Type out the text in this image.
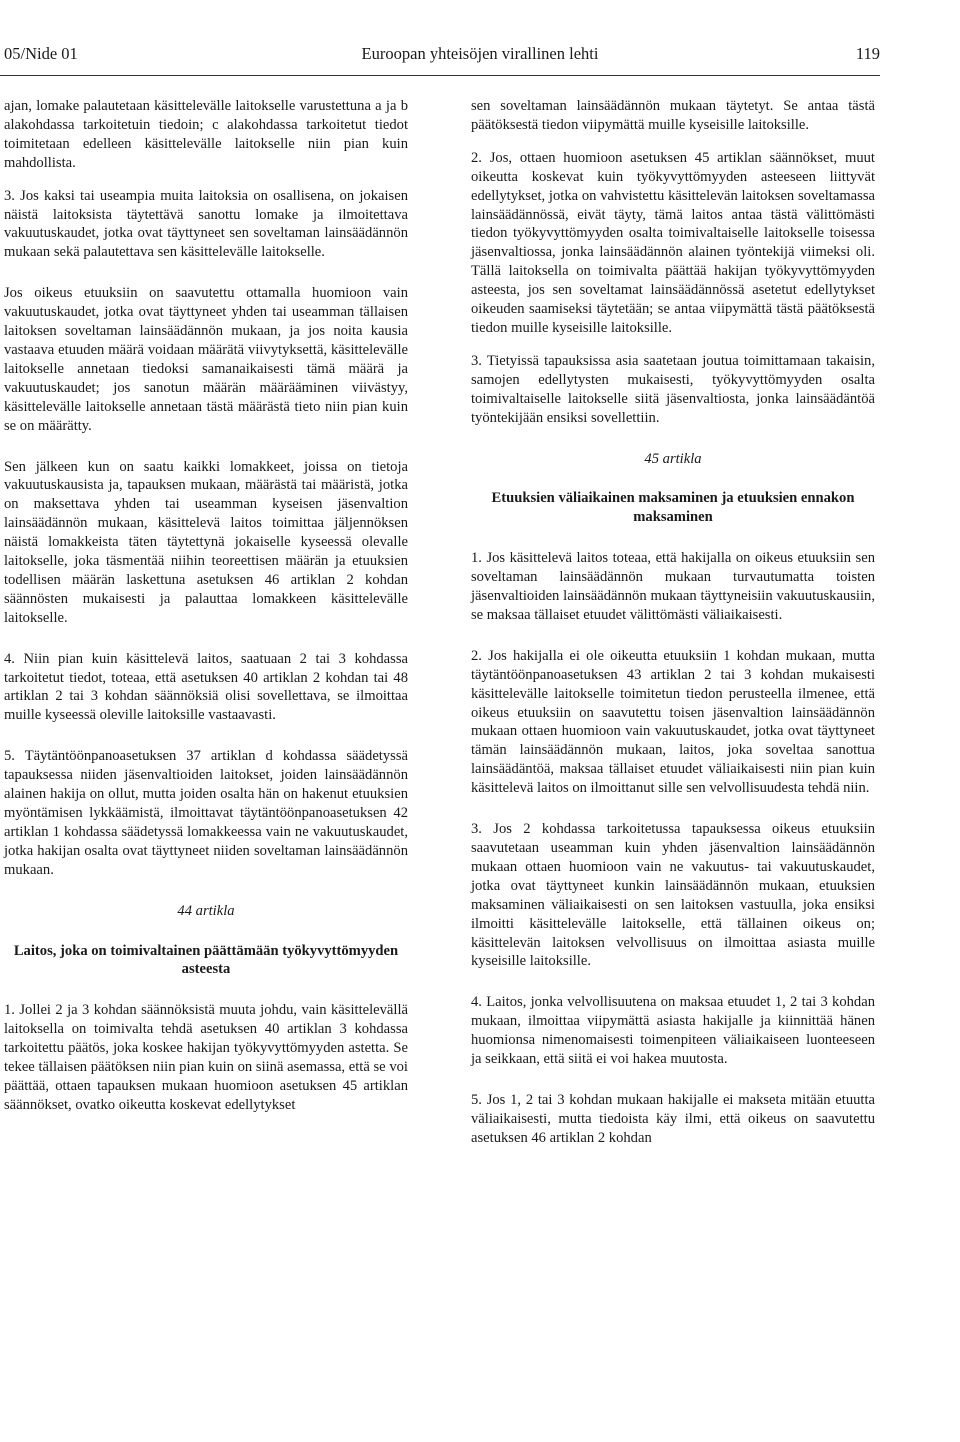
05/Nide 01	Euroopan yhteisöjen virallinen lehti	119

ajan, lomake palautetaan käsittelevälle laitokselle varustettuna a ja b alakohdassa tarkoitetuin tiedoin; c alakohdassa tarkoitetut tiedot toimitetaan edelleen käsittelevälle laitokselle niin pian kuin mahdollista.

3. Jos kaksi tai useampia muita laitoksia on osallisena, on jokaisen näistä laitoksista täytettävä sanottu lomake ja ilmoitettava vakuutuskaudet, jotka ovat täyttyneet sen soveltaman lainsäädännön mukaan sekä palautettava sen käsittelevälle laitokselle.

Jos oikeus etuuksiin on saavutettu ottamalla huomioon vain vakuutuskaudet, jotka ovat täyttyneet yhden tai useamman tällaisen laitoksen soveltaman lainsäädännön mukaan, ja jos noita kausia vastaava etuuden määrä voidaan määrätä viivytyksettä, käsittelevälle laitokselle annetaan tiedoksi samanaikaisesti tämä määrä ja vakuutuskaudet; jos sanotun määrän määrääminen viivästyy, käsittelevälle laitokselle annetaan tästä määrästä tieto niin pian kuin se on määrätty.

Sen jälkeen kun on saatu kaikki lomakkeet, joissa on tietoja vakuutuskausista ja, tapauksen mukaan, määrästä tai määristä, jotka on maksettava yhden tai useamman kyseisen jäsenvaltion lainsäädännön mukaan, käsittelevä laitos toimittaa jäljennöksen näistä lomakkeista täten täytettynä jokaiselle kyseessä olevalle laitokselle, joka täsmentää niihin teoreettisen määrän ja etuuksien todellisen määrän laskettuna asetuksen 46 artiklan 2 kohdan säännösten mukaisesti ja palauttaa lomakkeen käsittelevälle laitokselle.

4. Niin pian kuin käsittelevä laitos, saatuaan 2 tai 3 kohdassa tarkoitetut tiedot, toteaa, että asetuksen 40 artiklan 2 kohdan tai 48 artiklan 2 tai 3 kohdan säännöksiä olisi sovellettava, se ilmoittaa muille kyseessä oleville laitoksille vastaavasti.

5. Täytäntöönpanoasetuksen 37 artiklan d kohdassa säädetyssä tapauksessa niiden jäsenvaltioiden laitokset, joiden lainsäädännön alainen hakija on ollut, mutta joiden osalta hän on hakenut etuuksien myöntämisen lykkäämistä, ilmoittavat täytäntöönpanoasetuksen 42 artiklan 1 kohdassa säädetyssä lomakkeessa vain ne vakuutuskaudet, jotka hakijan osalta ovat täyttyneet niiden soveltaman lainsäädännön mukaan.

44 artikla

Laitos, joka on toimivaltainen päättämään työkyvyttömyyden asteesta

1. Jollei 2 ja 3 kohdan säännöksistä muuta johdu, vain käsittelevällä laitoksella on toimivalta tehdä asetuksen 40 artiklan 3 kohdassa tarkoitettu päätös, joka koskee hakijan työkyvyttömyyden astetta. Se tekee tällaisen päätöksen niin pian kuin on siinä asemassa, että se voi päättää, ottaen tapauksen mukaan huomioon asetuksen 45 artiklan säännökset, ovatko oikeutta koskevat edellytykset

sen soveltaman lainsäädännön mukaan täytetyt. Se antaa tästä päätöksestä tiedon viipymättä muille kyseisille laitoksille.

2. Jos, ottaen huomioon asetuksen 45 artiklan säännökset, muut oikeutta koskevat kuin työkyvyttömyyden asteeseen liittyvät edellytykset, jotka on vahvistettu käsittelevän laitoksen soveltamassa lainsäädännössä, eivät täyty, tämä laitos antaa tästä välittömästi tiedon työkyvyttömyyden osalta toimivaltaiselle laitokselle toisessa jäsenvaltiossa, jonka lainsäädännön alainen työntekijä viimeksi oli. Tällä laitoksella on toimivalta päättää hakijan työkyvyttömyyden asteesta, jos sen soveltamat lainsäädännössä asetetut edellytykset oikeuden saamiseksi täytetään; se antaa viipymättä tästä päätöksestä tiedon muille kyseisille laitoksille.

3. Tietyissä tapauksissa asia saatetaan joutua toimittamaan takaisin, samojen edellytysten mukaisesti, työkyvyttömyyden osalta toimivaltaiselle laitokselle siitä jäsenvaltiosta, jonka lainsäädäntöä työntekijään ensiksi sovellettiin.

45 artikla

Etuuksien väliaikainen maksaminen ja etuuksien ennakon maksaminen

1. Jos käsittelevä laitos toteaa, että hakijalla on oikeus etuuksiin sen soveltaman lainsäädännön mukaan turvautumatta toisten jäsenvaltioiden lainsäädännön mukaan täyttyneisiin vakuutuskausiin, se maksaa tällaiset etuudet välittömästi väliaikaisesti.

2. Jos hakijalla ei ole oikeutta etuuksiin 1 kohdan mukaan, mutta täytäntöönpanoasetuksen 43 artiklan 2 tai 3 kohdan mukaisesti käsittelevälle laitokselle toimitetun tiedon perusteella ilmenee, että oikeus etuuksiin on saavutettu toisen jäsenvaltion lainsäädännön mukaan ottaen huomioon vain vakuutuskaudet, jotka ovat täyttyneet tämän lainsäädännön mukaan, laitos, joka soveltaa sanottua lainsäädäntöä, maksaa tällaiset etuudet väliaikaisesti niin pian kuin käsittelevä laitos on ilmoittanut sille sen velvollisuudesta tehdä niin.

3. Jos 2 kohdassa tarkoitetussa tapauksessa oikeus etuuksiin saavutetaan useamman kuin yhden jäsenvaltion lainsäädännön mukaan ottaen huomioon vain ne vakuutus- tai vakuutuskaudet, jotka ovat täyttyneet kunkin lainsäädännön mukaan, etuuksien maksaminen väliaikaisesti on sen laitoksen vastuulla, joka ensiksi ilmoitti käsittelevälle laitokselle, että tällainen oikeus on; käsittelevän laitoksen velvollisuus on ilmoittaa asiasta muille kyseisille laitoksille.

4. Laitos, jonka velvollisuutena on maksaa etuudet 1, 2 tai 3 kohdan mukaan, ilmoittaa viipymättä asiasta hakijalle ja kiinnittää hänen huomionsa nimenomaisesti toimenpiteen väliaikaiseen luonteeseen ja seikkaan, että siitä ei voi hakea muutosta.

5. Jos 1, 2 tai 3 kohdan mukaan hakijalle ei makseta mitään etuutta väliaikaisesti, mutta tiedoista käy ilmi, että oikeus on saavutettu asetuksen 46 artiklan 2 kohdan
